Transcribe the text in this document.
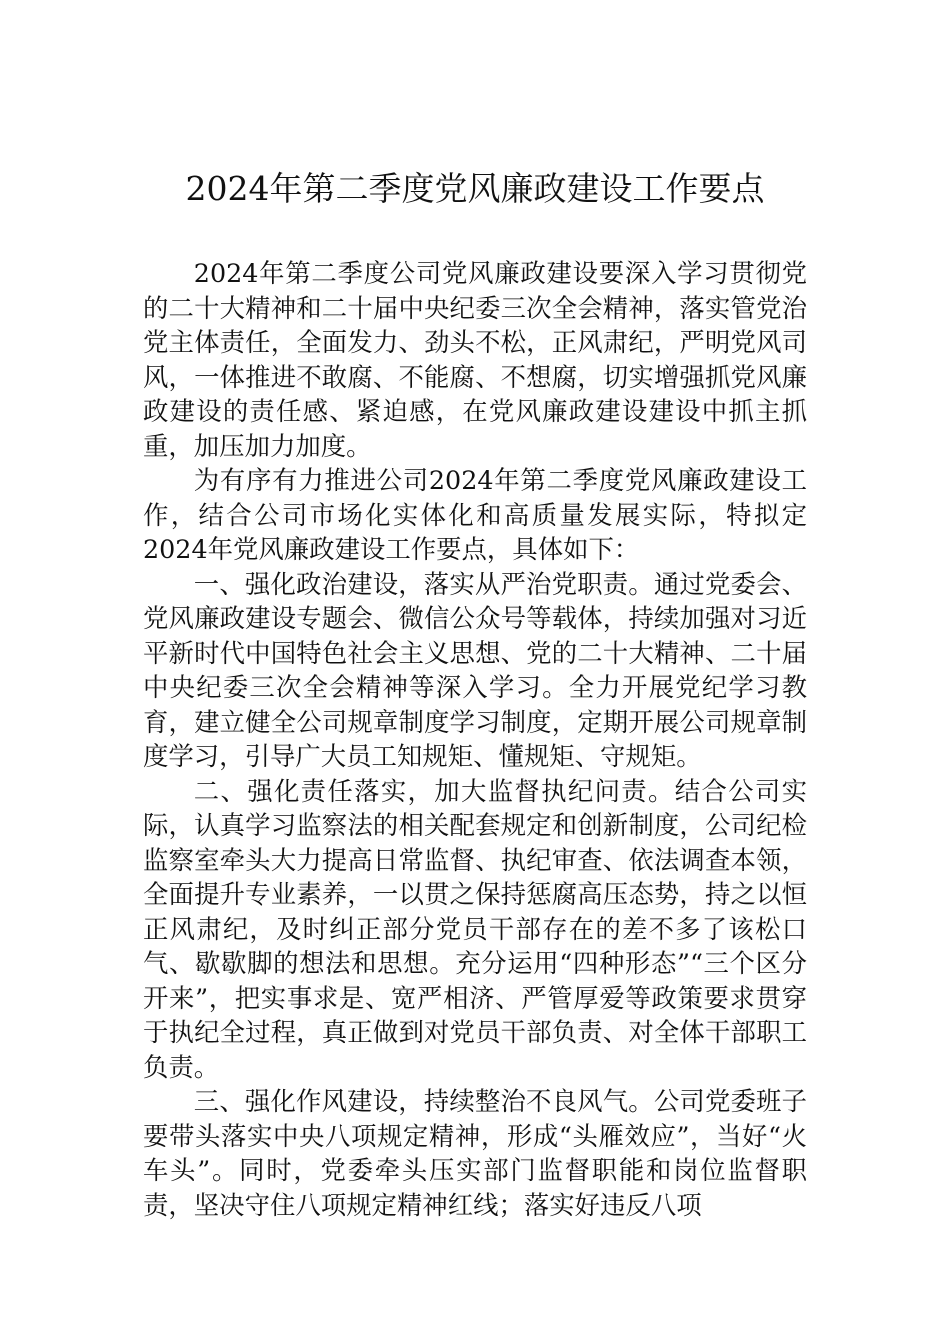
2024年第二季度党风廉政建设工作要点

2024年第二季度公司党风廉政建设要深入学习贯彻党的二十大精神和二十届中央纪委三次全会精神，落实管党治党主体责任，全面发力、劲头不松，正风肃纪，严明党风司风，一体推进不敢腐、不能腐、不想腐，切实增强抓党风廉政建设的责任感、紧迫感，在党风廉政建设建设中抓主抓重，加压加力加度。

为有序有力推进公司2024年第二季度党风廉政建设工作，结合公司市场化实体化和高质量发展实际，特拟定2024年党风廉政建设工作要点，具体如下：

一、强化政治建设，落实从严治党职责。通过党委会、党风廉政建设专题会、微信公众号等载体，持续加强对习近平新时代中国特色社会主义思想、党的二十大精神、二十届中央纪委三次全会精神等深入学习。全力开展党纪学习教育，建立健全公司规章制度学习制度，定期开展公司规章制度学习，引导广大员工知规矩、懂规矩、守规矩。

二、强化责任落实，加大监督执纪问责。结合公司实际，认真学习监察法的相关配套规定和创新制度，公司纪检监察室牵头大力提高日常监督、执纪审查、依法调查本领，全面提升专业素养，一以贯之保持惩腐高压态势，持之以恒正风肃纪，及时纠正部分党员干部存在的差不多了该松口气、歇歇脚的想法和思想。充分运用“四种形态”“三个区分开来”，把实事求是、宽严相济、严管厚爱等政策要求贯穿于执纪全过程，真正做到对党员干部负责、对全体干部职工负责。

三、强化作风建设，持续整治不良风气。公司党委班子要带头落实中央八项规定精神，形成“头雁效应”，当好“火车头”。同时，党委牵头压实部门监督职能和岗位监督职责，坚决守住八项规定精神红线；落实好违反八项
